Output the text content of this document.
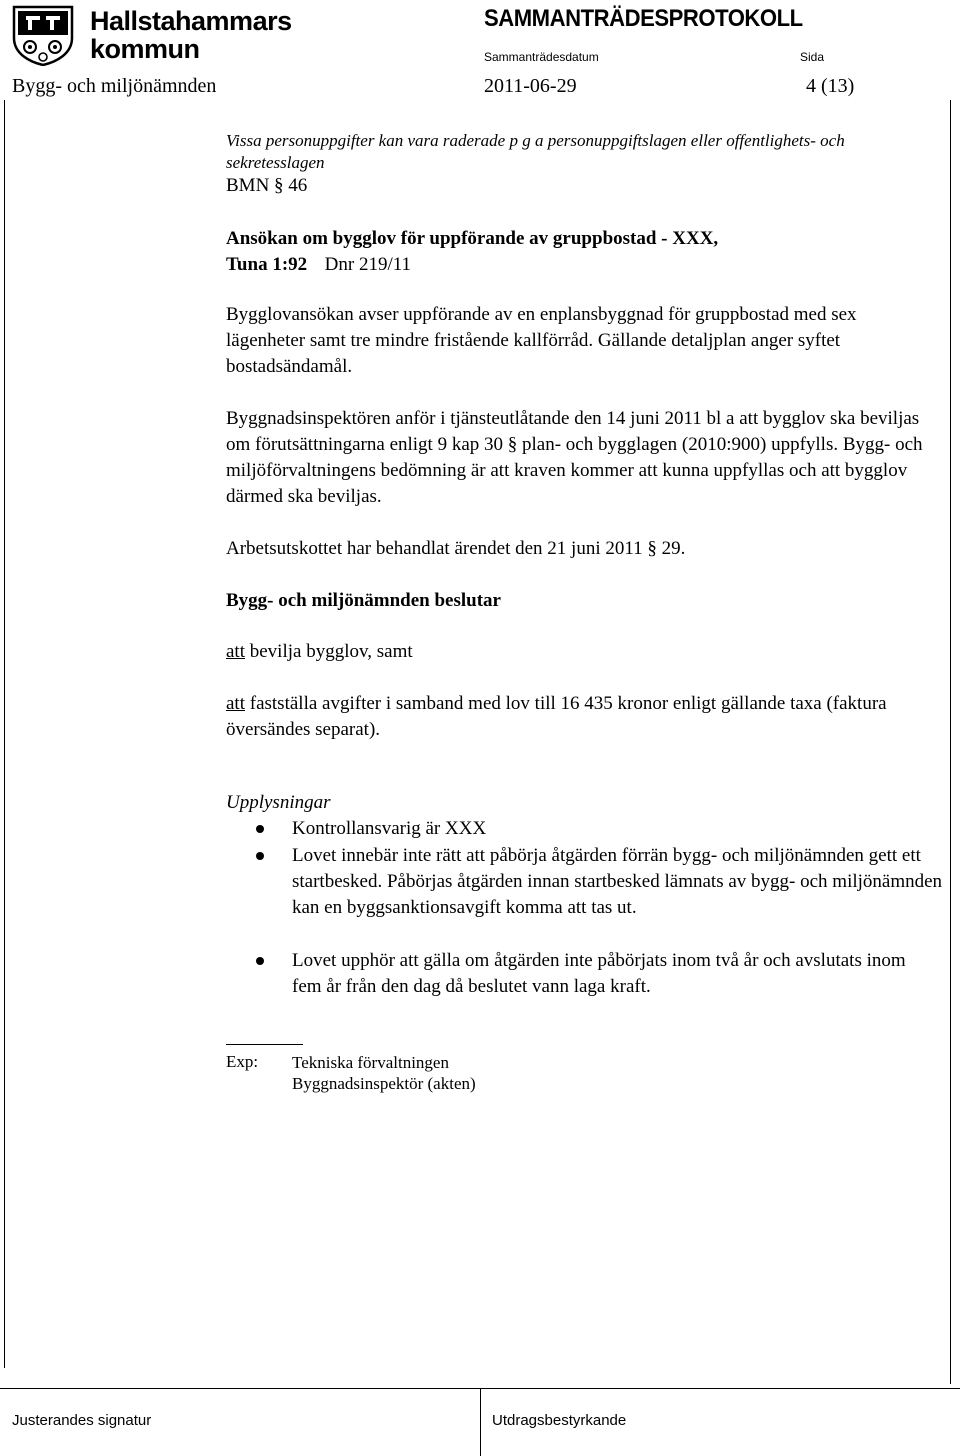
Hallstahammars
kommun
SAMMANTRÄDESPROTOKOLL
Sammanträdesdatum	Sida
Bygg- och miljönämnden	2011-06-29	4 (13)
Vissa personuppgifter kan vara raderade p g a personuppgiftslagen eller offentlighets- och sekretesslagen
BMN § 46
Ansökan om bygglov för uppförande av gruppbostad - XXX,
Tuna 1:92 Dnr 219/11

Bygglovansökan avser uppförande av en enplansbyggnad för gruppbostad med sex lägenheter samt tre mindre fristående kallförråd. Gällande detaljplan anger syftet bostadsändamål.

Byggnadsinspektören anför i tjänsteutlåtande den 14 juni 2011 bl a att bygglov ska beviljas om förutsättningarna enligt 9 kap 30 § plan- och bygglagen (2010:900) uppfylls. Bygg- och miljöförvaltningens bedömning är att kraven kommer att kunna uppfyllas och att bygglov därmed ska beviljas.

Arbetsutskottet har behandlat ärendet den 21 juni 2011 § 29.

Bygg- och miljönämnden beslutar

att bevilja bygglov, samt

att fastställa avgifter i samband med lov till 16 435 kronor enligt gällande taxa (faktura översändes separat).

Upplysningar
Kontrollansvarig är XXX
Lovet innebär inte rätt att påbörja åtgärden förrän bygg- och miljönämnden gett ett startbesked. Påbörjas åtgärden innan startbesked lämnats av bygg- och miljönämnden kan en byggsanktionsavgift komma att tas ut.
Lovet upphör att gälla om åtgärden inte påbörjats inom två år och avslutats inom fem år från den dag då beslutet vann laga kraft.
Exp: Tekniska förvaltningen
Byggnadsinspektör (akten)
Justerandes signatur	Utdragsbestyrkande
